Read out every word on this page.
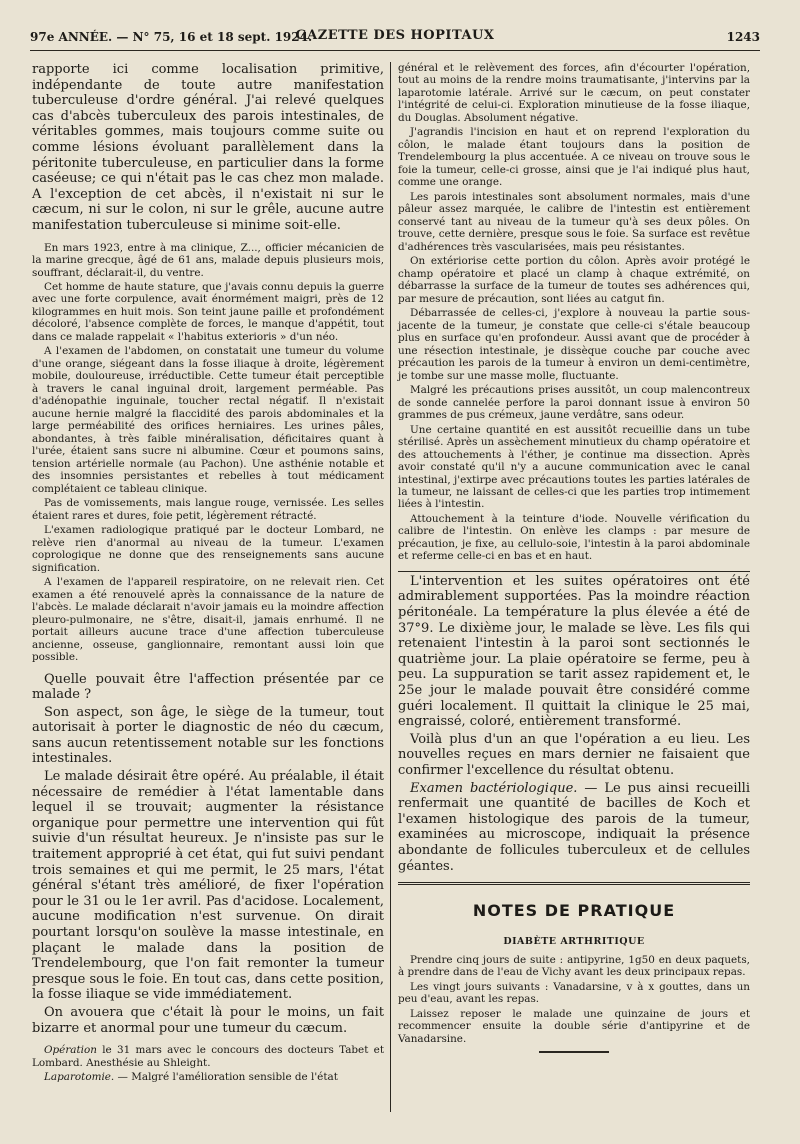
97e ANNÉE. — N° 75, 16 et 18 sept. 1924.
GAZETTE DES HOPITAUX	1243

rapporte ici comme localisation primitive, indépendante de toute autre manifestation tuberculeuse d'ordre général. J'ai relevé quelques cas d'abcès tuberculeux des parois intestinales, de véritables gommes, mais toujours comme suite ou comme lésions évoluant parallèlement dans la péritonite tuberculeuse, en particulier dans la forme caséeuse; ce qui n'était pas le cas chez mon malade. A l'exception de cet abcès, il n'existait ni sur le cæcum, ni sur le colon, ni sur le grêle, aucune autre manifestation tuberculeuse si minime soit-elle.

En mars 1923, entre à ma clinique, Z..., officier mécanicien de la marine grecque, âgé de 61 ans, malade depuis plusieurs mois, souffrant, déclarait-il, du ventre.

Cet homme de haute stature, que j'avais connu depuis la guerre avec une forte corpulence, avait énormément maigri, près de 12 kilogrammes en huit mois. Son teint jaune paille et profondément décoloré, l'absence complète de forces, le manque d'appétit, tout dans ce malade rappelait « l'habitus exterioris » d'un néo.

A l'examen de l'abdomen, on constatait une tumeur du volume d'une orange, siégeant dans la fosse iliaque à droite, légèrement mobile, douloureuse, irréductible. Cette tumeur était perceptible à travers le canal inguinal droit, largement perméable. Pas d'adénopathie inguinale, toucher rectal négatif. Il n'existait aucune hernie malgré la flaccidité des parois abdominales et la large perméabilité des orifices herniaires. Les urines pâles, abondantes, à très faible minéralisation, déficitaires quant à l'urée, étaient sans sucre ni albumine. Cœur et poumons sains, tension artérielle normale (au Pachon). Une asthénie notable et des insomnies persistantes et rebelles à tout médicament complétaient ce tableau clinique.

Pas de vomissements, mais langue rouge, vernissée. Les selles étaient rares et dures, foie petit, légèrement rétracté.

L'examen radiologique pratiqué par le docteur Lombard, ne relève rien d'anormal au niveau de la tumeur. L'examen coprologique ne donne que des renseignements sans aucune signification.

A l'examen de l'appareil respiratoire, on ne relevait rien. Cet examen a été renouvelé après la connaissance de la nature de l'abcès. Le malade déclarait n'avoir jamais eu la moindre affection pleuro-pulmonaire, ne s'être, disait-il, jamais enrhumé. Il ne portait ailleurs aucune trace d'une affection tuberculeuse ancienne, osseuse, ganglionnaire, remontant aussi loin que possible.

Quelle pouvait être l'affection présentée par ce malade ?

Son aspect, son âge, le siège de la tumeur, tout autorisait à porter le diagnostic de néo du cæcum, sans aucun retentissement notable sur les fonctions intestinales.

Le malade désirait être opéré. Au préalable, il était nécessaire de remédier à l'état lamentable dans lequel il se trouvait; augmenter la résistance organique pour permettre une intervention qui fût suivie d'un résultat heureux. Je n'insiste pas sur le traitement approprié à cet état, qui fut suivi pendant trois semaines et qui me permit, le 25 mars, l'état général s'étant très amélioré, de fixer l'opération pour le 31 ou le 1er avril. Pas d'acidose. Localement, aucune modification n'est survenue. On dirait pourtant lorsqu'on soulève la masse intestinale, en plaçant le malade dans la position de Trendelembourg, que l'on fait remonter la tumeur presque sous le foie. En tout cas, dans cette position, la fosse iliaque se vide immédiatement.

On avouera que c'était là pour le moins, un fait bizarre et anormal pour une tumeur du cæcum.

Opération le 31 mars avec le concours des docteurs Tabet et Lombard. Anesthésie au Shleight.

Laparotomie. — Malgré l'amélioration sensible de l'état

général et le relèvement des forces, afin d'écourter l'opération, tout au moins de la rendre moins traumatisante, j'intervins par la laparotomie latérale. Arrivé sur le cæcum, on peut constater l'intégrité de celui-ci. Exploration minutieuse de la fosse iliaque, du Douglas. Absolument négative.

J'agrandis l'incision en haut et on reprend l'exploration du côlon, le malade étant toujours dans la position de Trendelembourg la plus accentuée. A ce niveau on trouve sous le foie la tumeur, celle-ci grosse, ainsi que je l'ai indiqué plus haut, comme une orange.

Les parois intestinales sont absolument normales, mais d'une pâleur assez marquée, le calibre de l'intestin est entièrement conservé tant au niveau de la tumeur qu'à ses deux pôles. On trouve, cette dernière, presque sous le foie. Sa surface est revêtue d'adhérences très vascularisées, mais peu résistantes.

On extériorise cette portion du côlon. Après avoir protégé le champ opératoire et placé un clamp à chaque extrémité, on débarrasse la surface de la tumeur de toutes ses adhérences qui, par mesure de précaution, sont liées au catgut fin.

Débarrassée de celles-ci, j'explore à nouveau la partie sous-jacente de la tumeur, je constate que celle-ci s'étale beaucoup plus en surface qu'en profondeur. Aussi avant que de procéder à une résection intestinale, je dissèque couche par couche avec précaution les parois de la tumeur à environ un demi-centimètre, je tombe sur une masse molle, fluctuante.

Malgré les précautions prises aussitôt, un coup malencontreux de sonde cannelée perfore la paroi donnant issue à environ 50 grammes de pus crémeux, jaune verdâtre, sans odeur.

Une certaine quantité en est aussitôt recueillie dans un tube stérilisé. Après un assèchement minutieux du champ opératoire et des attouchements à l'éther, je continue ma dissection. Après avoir constaté qu'il n'y a aucune communication avec le canal intestinal, j'extirpe avec précautions toutes les parties latérales de la tumeur, ne laissant de celles-ci que les parties trop intimement liées à l'intestin.

Attouchement à la teinture d'iode. Nouvelle vérification du calibre de l'intestin. On enlève les clamps : par mesure de précaution, je fixe, au cellulo-soie, l'intestin à la paroi abdominale et referme celle-ci en bas et en haut.

L'intervention et les suites opératoires ont été admirablement supportées. Pas la moindre réaction péritonéale. La température la plus élevée a été de 37°9. Le dixième jour, le malade se lève. Les fils qui retenaient l'intestin à la paroi sont sectionnés le quatrième jour. La plaie opératoire se ferme, peu à peu. La suppuration se tarit assez rapidement et, le 25e jour le malade pouvait être considéré comme guéri localement. Il quittait la clinique le 25 mai, engraissé, coloré, entièrement transformé.

Voilà plus d'un an que l'opération a eu lieu. Les nouvelles reçues en mars dernier ne faisaient que confirmer l'excellence du résultat obtenu.

Examen bactériologique. — Le pus ainsi recueilli renfermait une quantité de bacilles de Koch et l'examen histologique des parois de la tumeur, examinées au microscope, indiquait la présence abondante de follicules tuberculeux et de cellules géantes.

NOTES DE PRATIQUE
DIABÈTE ARTHRITIQUE

Prendre cinq jours de suite : antipyrine, 1g50 en deux paquets, à prendre dans de l'eau de Vichy avant les deux principaux repas.

Les vingt jours suivants : Vanadarsine, v à x gouttes, dans un peu d'eau, avant les repas.

Laissez reposer le malade une quinzaine de jours et recommencer ensuite la double série d'antipyrine et de Vanadarsine.
